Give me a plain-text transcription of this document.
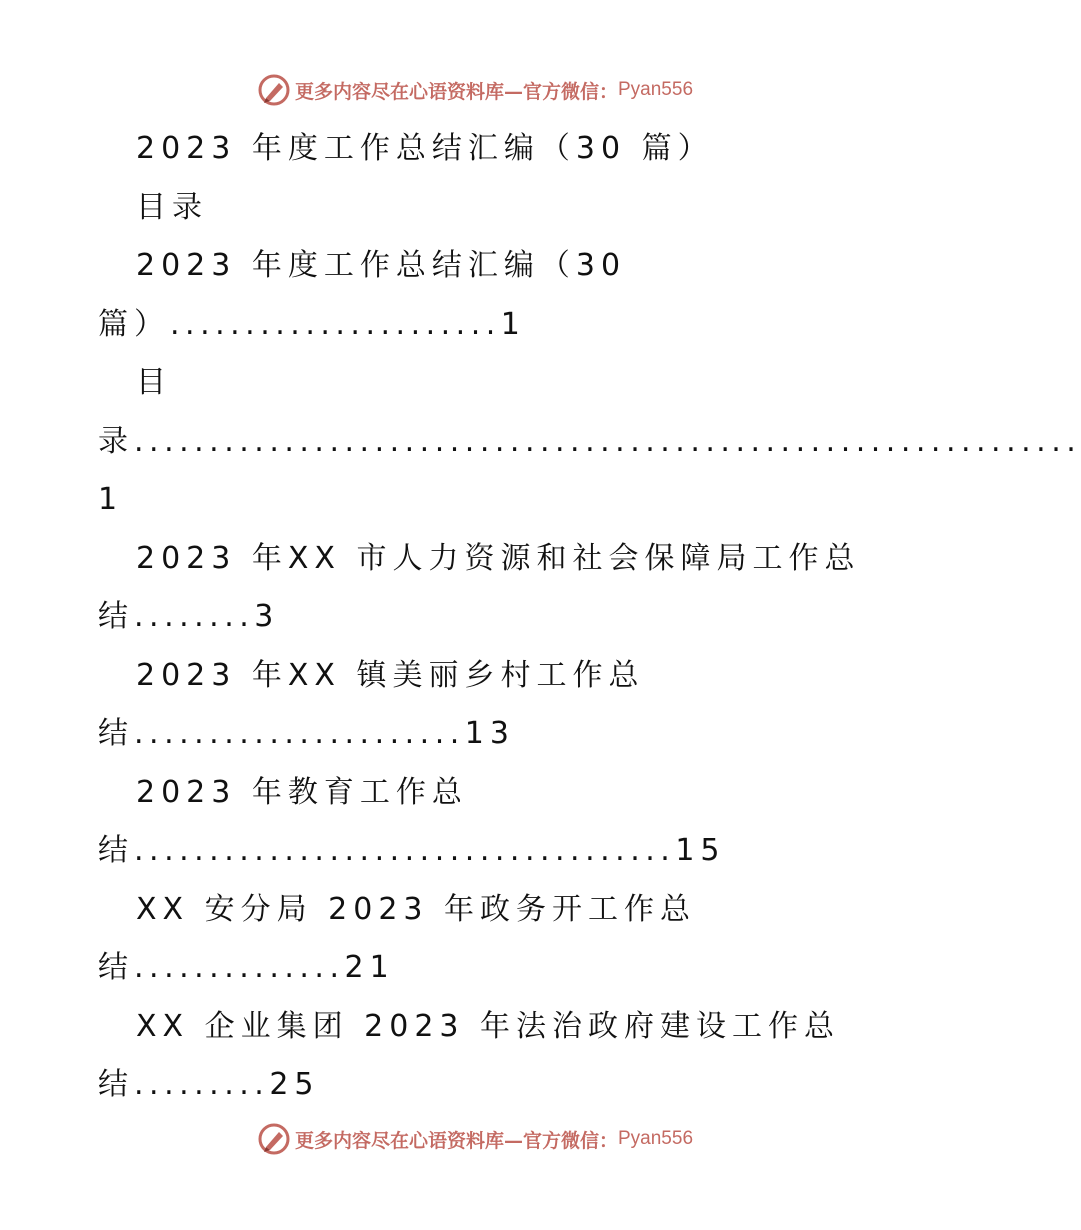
更多内容尽在心语资料库—官方微信： Pyan556
2023 年度工作总结汇编（30 篇）
目录
2023 年度工作总结汇编（30
篇）......................1
目
录...............................................................1
2023 年XX 市人力资源和社会保障局工作总
结........3
2023 年XX 镇美丽乡村工作总
结......................13
2023 年教育工作总
结....................................15
XX 安分局 2023 年政务开工作总
结..............21
XX 企业集团 2023 年法治政府建设工作总
结.........25
更多内容尽在心语资料库—官方微信： Pyan556
